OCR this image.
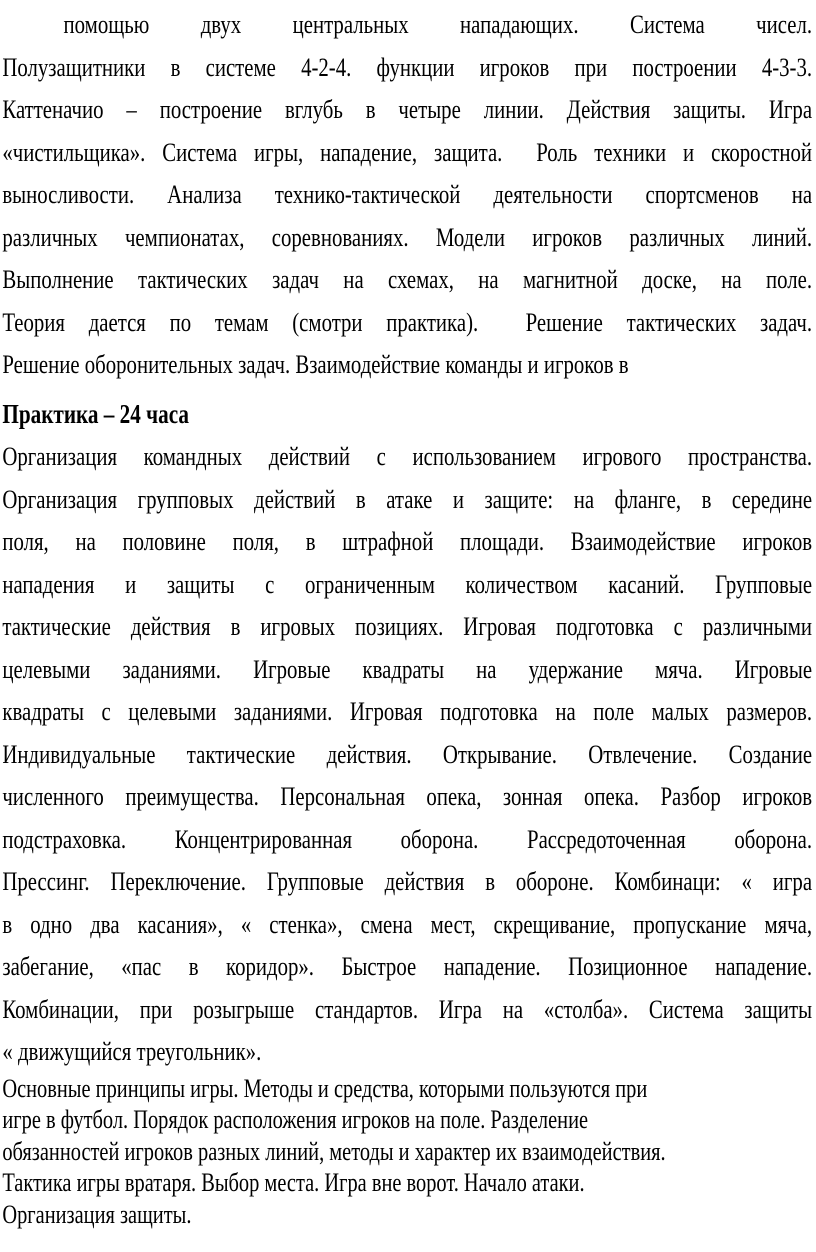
помощью двух центральных нападающих. Система чисел.
Полузащитники в системе 4-2-4. функции игроков при построении 4-3-3.
Каттеначио – построение вглубь в четыре линии. Действия защиты. Игра
«чистильщика». Система игры, нападение, защита.  Роль техники и скоростной
выносливости. Анализа технико-тактической деятельности спортсменов на
различных чемпионатах, соревнованиях. Модели игроков различных линий.
Выполнение тактических задач на схемах, на магнитной доске, на поле.
Теория дается по темам (смотри практика).  Решение тактических задач.
Решение оборонительных задач. Взаимодействие команды и игроков в
Практика – 24 часа
Организация командных действий с использованием игрового пространства.
Организация групповых действий в атаке и защите: на фланге, в середине
поля, на половине поля, в штрафной площади. Взаимодействие игроков
нападения и защиты с ограниченным количеством касаний. Групповые
тактические действия в игровых позициях. Игровая подготовка с различными
целевыми заданиями. Игровые квадраты на удержание мяча. Игровые
квадраты с целевыми заданиями. Игровая подготовка на поле малых размеров.
Индивидуальные тактические действия. Открывание. Отвлечение. Создание
численного преимущества. Персональная опека, зонная опека. Разбор игроков
подстраховка. Концентрированная оборона. Рассредоточенная оборона.
Прессинг. Переключение. Групповые действия в обороне. Комбинаци: « игра
в одно два касания», « стенка», смена мест, скрещивание, пропускание мяча,
забегание, «пас в коридор». Быстрое нападение. Позиционное нападение.
Комбинации, при розыгрыше стандартов. Игра на «столба». Система защиты
« движущийся треугольник».
Основные принципы игры. Методы и средства, которыми пользуются при
игре в футбол. Порядок расположения игроков на поле. Разделение
обязанностей игроков разных линий, методы и характер их взаимодействия.
Тактика игры вратаря. Выбор места. Игра вне ворот. Начало атаки.
Организация защиты.
